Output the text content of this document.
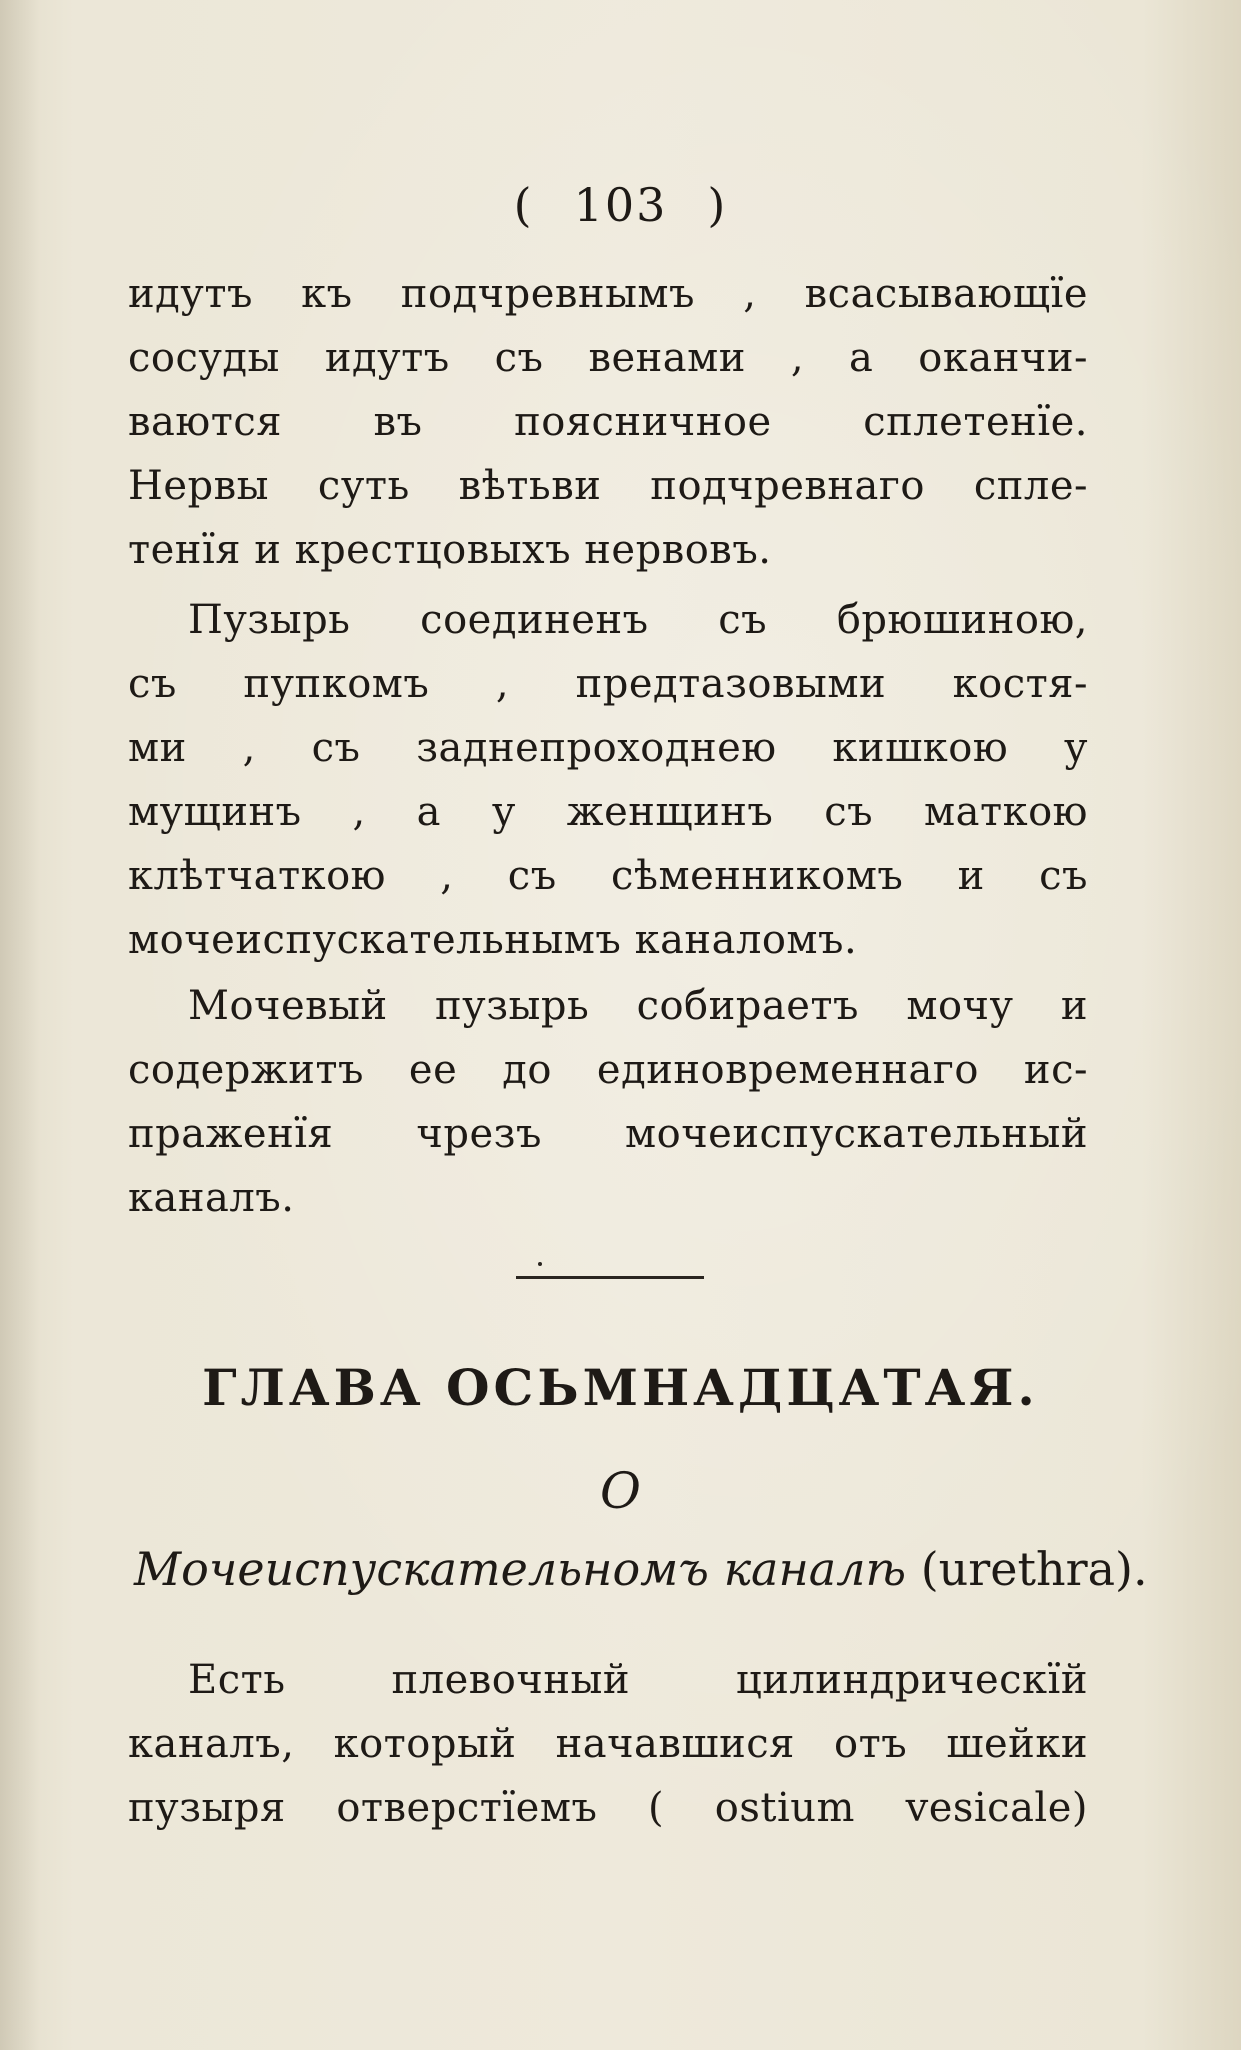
( 103 )
идутъ къ подчревнымъ , всасывающїе
сосуды идутъ съ венами , а оканчи-
ваются въ поясничное сплетенїе.
Нервы суть вѣтьви подчревнаго спле-
тенїя и крестцовыхъ нервовъ.
Пузырь соединенъ съ брюшиною,
съ пупкомъ , предтазовыми костя-
ми , съ заднепроходнею кишкою у
мущинъ , а у женщинъ съ маткою
клѣтчаткою , съ сѣменникомъ и съ
мочеиспускательнымъ каналомъ.
Мочевый пузырь собираетъ мочу и
содержитъ ее до единовременнаго ис-
праженїя чрезъ мочеиспускательный
каналъ.
ГЛАВА ОСЬМНАДЦАТАЯ.
О
Мочеиспускательномъ каналѣ (urethra).
Есть плевочный цилиндрическїй
каналъ, который начавшися отъ шейки
пузыря отверстїемъ ( ostium vesicale)
